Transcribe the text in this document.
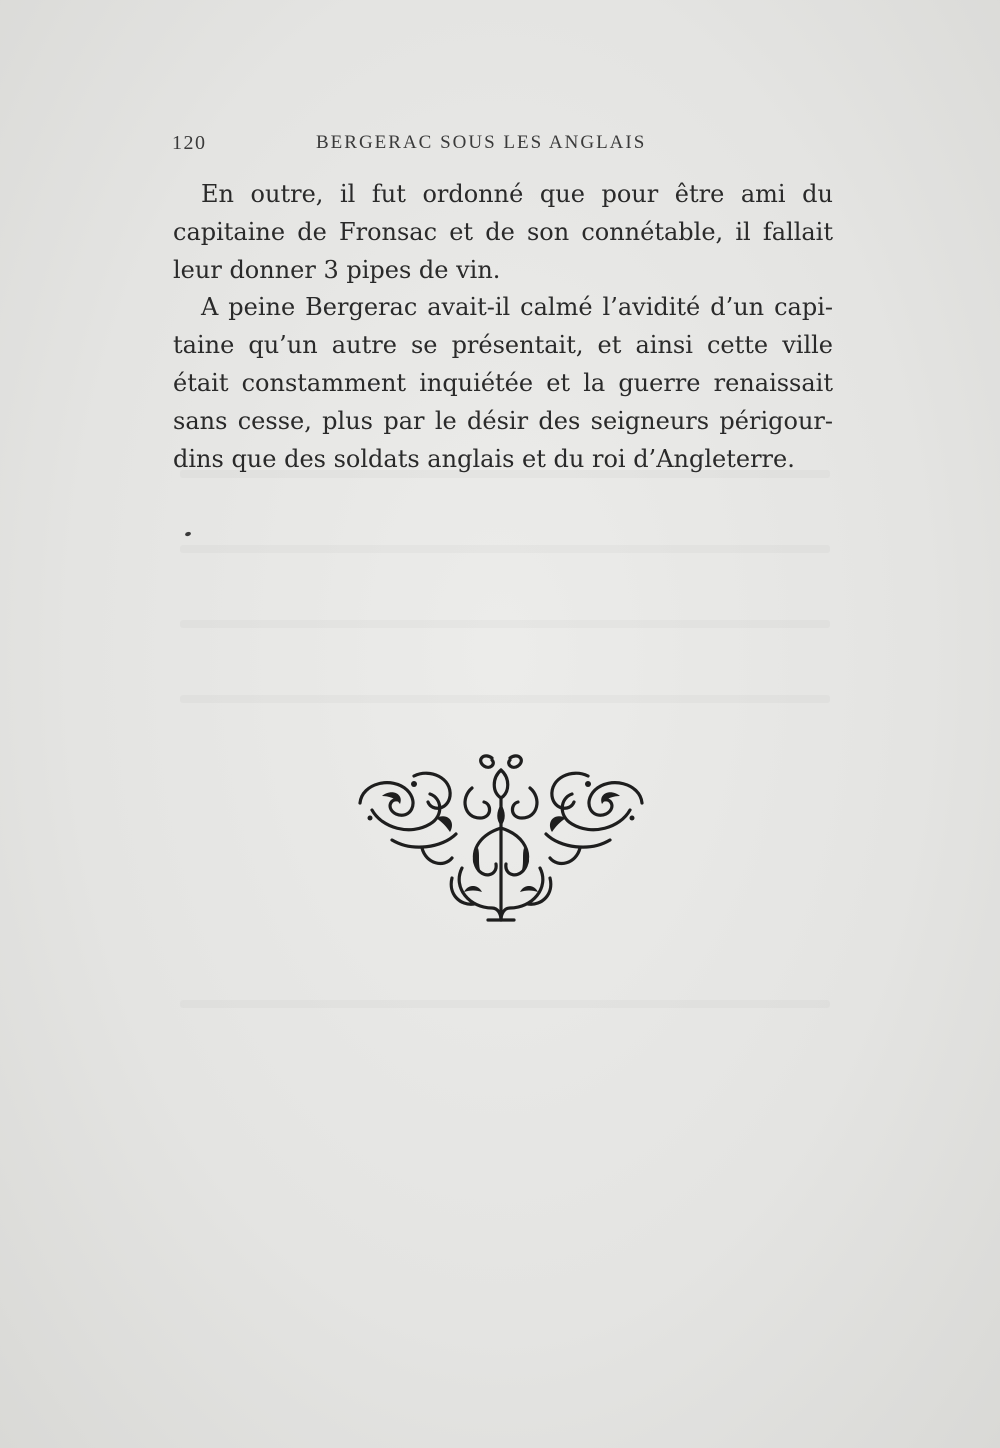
120	BERGERAC SOUS LES ANGLAIS
En outre, il fut ordonné que pour être ami du
capitaine de Fronsac et de son connétable, il fallait
leur donner 3 pipes de vin.
A peine Bergerac avait-il calmé l’avidité d’un capi-
taine qu’un autre se présentait, et ainsi cette ville
était constamment inquiétée et la guerre renaissait
sans cesse, plus par le désir des seigneurs périgour-
dins que des soldats anglais et du roi d’Angleterre.
